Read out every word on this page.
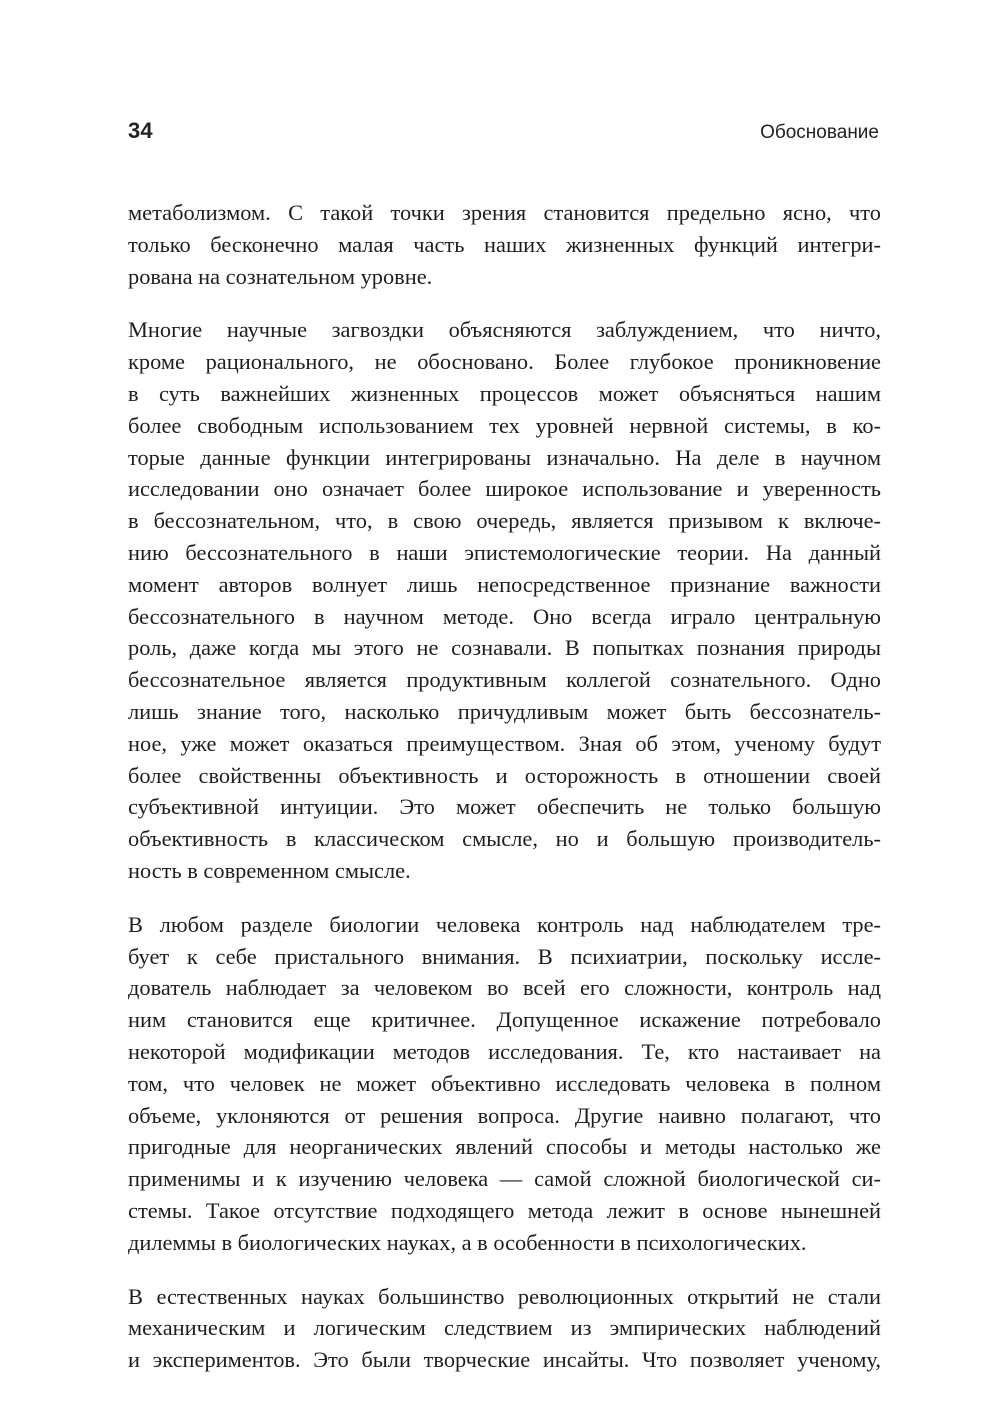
34	Обоснование
метаболизмом. С такой точки зрения становится предельно ясно, что
только бесконечно малая часть наших жизненных функций интегри-
рована на сознательном уровне.
Многие научные загвоздки объясняются заблуждением, что ничто,
кроме рационального, не обосновано. Более глубокое проникновение
в суть важнейших жизненных процессов может объясняться нашим
более свободным использованием тех уровней нервной системы, в ко-
торые данные функции интегрированы изначально. На деле в научном
исследовании оно означает более широкое использование и уверенность
в бессознательном, что, в свою очередь, является призывом к включе-
нию бессознательного в наши эпистемологические теории. На данный
момент авторов волнует лишь непосредственное признание важности
бессознательного в научном методе. Оно всегда играло центральную
роль, даже когда мы этого не сознавали. В попытках познания природы
бессознательное является продуктивным коллегой сознательного. Одно
лишь знание того, насколько причудливым может быть бессознатель-
ное, уже может оказаться преимуществом. Зная об этом, ученому будут
более свойственны объективность и осторожность в отношении своей
субъективной интуиции. Это может обеспечить не только большую
объективность в классическом смысле, но и большую производитель-
ность в современном смысле.
В любом разделе биологии человека контроль над наблюдателем тре-
бует к себе пристального внимания. В психиатрии, поскольку иссле-
дователь наблюдает за человеком во всей его сложности, контроль над
ним становится еще критичнее. Допущенное искажение потребовало
некоторой модификации методов исследования. Те, кто настаивает на
том, что человек не может объективно исследовать человека в полном
объеме, уклоняются от решения вопроса. Другие наивно полагают, что
пригодные для неорганических явлений способы и методы настолько же
применимы и к изучению человека — самой сложной биологической си-
стемы. Такое отсутствие подходящего метода лежит в основе нынешней
дилеммы в биологических науках, а в особенности в психологических.
В естественных науках большинство революционных открытий не стали
механическим и логическим следствием из эмпирических наблюдений
и экспериментов. Это были творческие инсайты. Что позволяет ученому,
